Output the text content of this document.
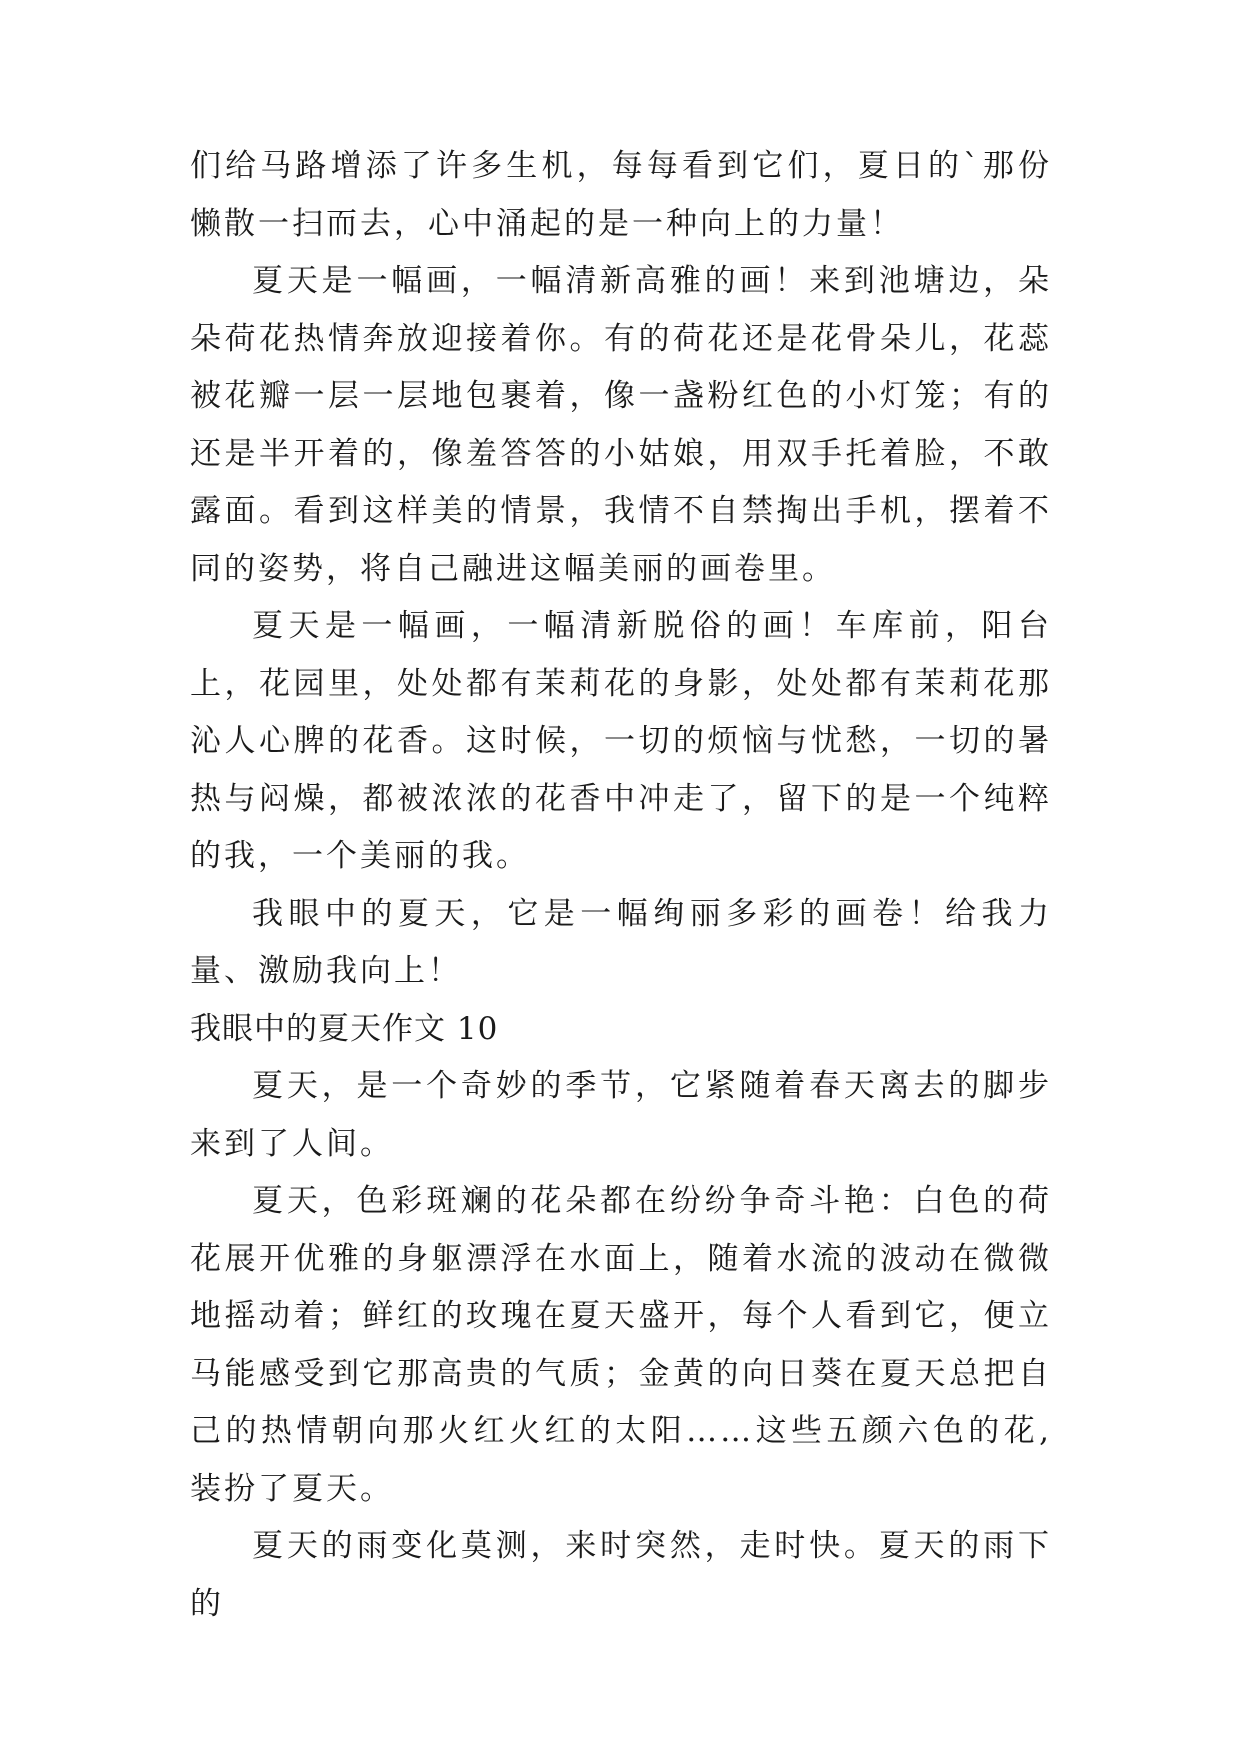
们给马路增添了许多生机，每每看到它们，夏日的`那份懒散一扫而去，心中涌起的是一种向上的力量！

夏天是一幅画，一幅清新高雅的画！来到池塘边，朵朵荷花热情奔放迎接着你。有的荷花还是花骨朵儿，花蕊被花瓣一层一层地包裹着，像一盏粉红色的小灯笼；有的还是半开着的，像羞答答的小姑娘，用双手托着脸，不敢露面。看到这样美的情景，我情不自禁掏出手机，摆着不同的姿势，将自己融进这幅美丽的画卷里。

夏天是一幅画，一幅清新脱俗的画！车库前，阳台上，花园里，处处都有茉莉花的身影，处处都有茉莉花那沁人心脾的花香。这时候，一切的烦恼与忧愁，一切的暑热与闷燥，都被浓浓的花香中冲走了，留下的是一个纯粹的我，一个美丽的我。

我眼中的夏天，它是一幅绚丽多彩的画卷！给我力量、激励我向上！

我眼中的夏天作文 10

夏天，是一个奇妙的季节，它紧随着春天离去的脚步来到了人间。

夏天，色彩斑斓的花朵都在纷纷争奇斗艳：白色的荷花展开优雅的身躯漂浮在水面上，随着水流的波动在微微地摇动着；鲜红的玫瑰在夏天盛开，每个人看到它，便立马能感受到它那高贵的气质；金黄的向日葵在夏天总把自己的热情朝向那火红火红的太阳……这些五颜六色的花,装扮了夏天。

夏天的雨变化莫测，来时突然，走时快。夏天的雨下的
